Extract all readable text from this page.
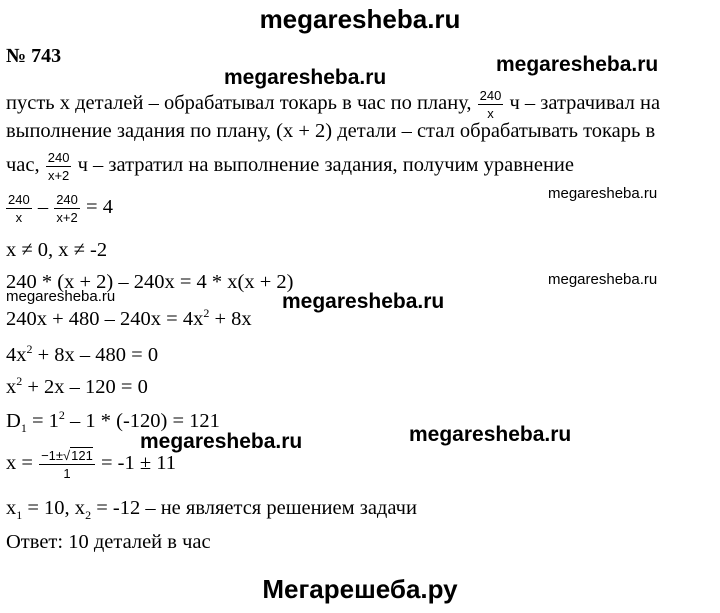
megaresheba.ru
Мегарешеба.ру
megaresheba.ru
megaresheba.ru
megaresheba.ru
megaresheba.ru
megaresheba.ru	megaresheba.ru
megaresheba.ru	megaresheba.ru
№ 743
пусть x деталей – обрабатывал токарь в час по плану, $\frac{240}{x}$ ч – затрачивал на
выполнение задания по плану, (x + 2) детали – стал обрабатывать токарь в
час, $\frac{240}{x+2}$ ч – затратил на выполнение задания, получим уравнение
$\frac{240}{x} - \frac{240}{x+2} = 4$
x ≠ 0, x ≠ -2
240 * (x + 2) – 240x = 4 * x(x + 2)
$240x + 480 - 240x = 4x^2 + 8x$
$4x^2 + 8x - 480 = 0$
$x^2 + 2x - 120 = 0$
$D_1 = 1^2 - 1 * (-120) = 121$
$x = \frac{-1\pm√121}{1} = -1 \pm 11$
$x_1 = 10$, $x_2 = -12$ – не является решением задачи
Ответ: 10 деталей в час
